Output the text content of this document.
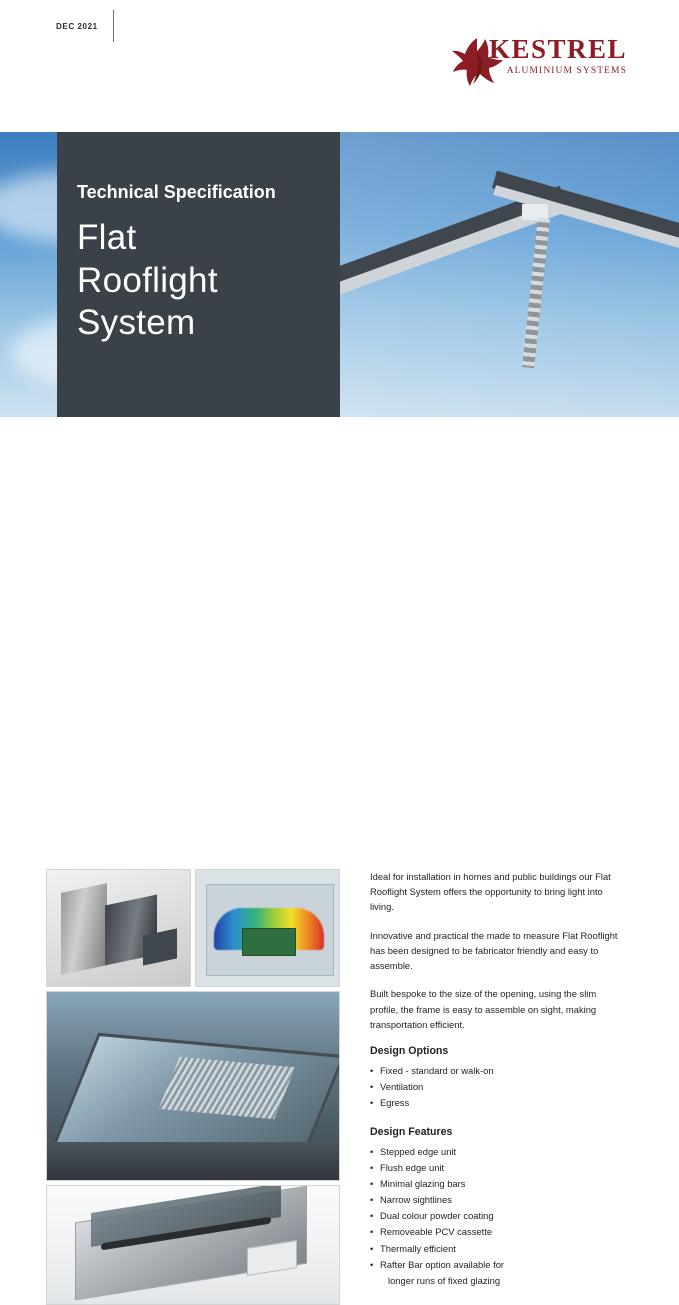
DEC 2021
KESTREL
ALUMINIUM SYSTEMS
Technical Specification
Flat
Rooflight
System

Ideal for installation in homes and public buildings our Flat Rooflight System offers the opportunity to bring light into living.

Innovative and practical the made to measure Flat Rooflight has been designed to be fabricator friendly and easy to assemble.

Built bespoke to the size of the opening, using the slim profile, the frame is easy to assemble on sight, making transportation efficient.

Design Options
• Fixed - standard or walk-on
• Ventilation
• Egress
Design Features
• Stepped edge unit
• Flush edge unit
• Minimal glazing bars
• Narrow sightlines
• Dual colour powder coating
• Removeable PCV cassette
• Thermally efficient
• Rafter Bar option available for
longer runs of fixed glazing
